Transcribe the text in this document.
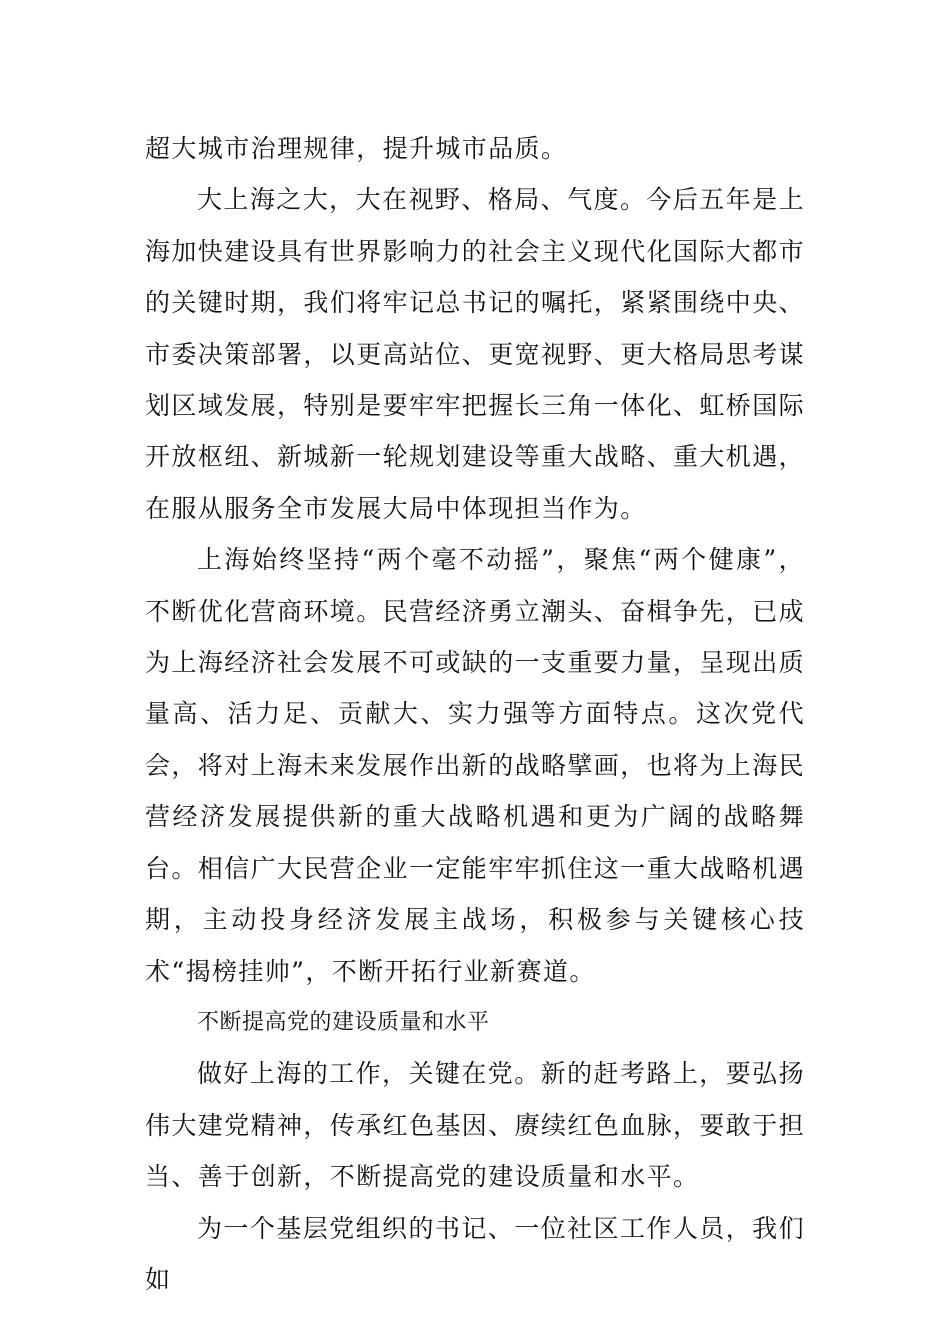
超大城市治理规律，提升城市品质。

大上海之大，大在视野、格局、气度。今后五年是上海加快建设具有世界影响力的社会主义现代化国际大都市的关键时期，我们将牢记总书记的嘱托，紧紧围绕中央、市委决策部署，以更高站位、更宽视野、更大格局思考谋划区域发展，特别是要牢牢把握长三角一体化、虹桥国际开放枢纽、新城新一轮规划建设等重大战略、重大机遇，在服从服务全市发展大局中体现担当作为。

上海始终坚持“两个毫不动摇”，聚焦“两个健康”，不断优化营商环境。民营经济勇立潮头、奋楫争先，已成为上海经济社会发展不可或缺的一支重要力量，呈现出质量高、活力足、贡献大、实力强等方面特点。这次党代会，将对上海未来发展作出新的战略擘画，也将为上海民营经济发展提供新的重大战略机遇和更为广阔的战略舞台。相信广大民营企业一定能牢牢抓住这一重大战略机遇期，主动投身经济发展主战场，积极参与关键核心技术“揭榜挂帅”，不断开拓行业新赛道。

不断提高党的建设质量和水平

做好上海的工作，关键在党。新的赶考路上，要弘扬伟大建党精神，传承红色基因、赓续红色血脉，要敢于担当、善于创新，不断提高党的建设质量和水平。

为一个基层党组织的书记、一位社区工作人员，我们如
